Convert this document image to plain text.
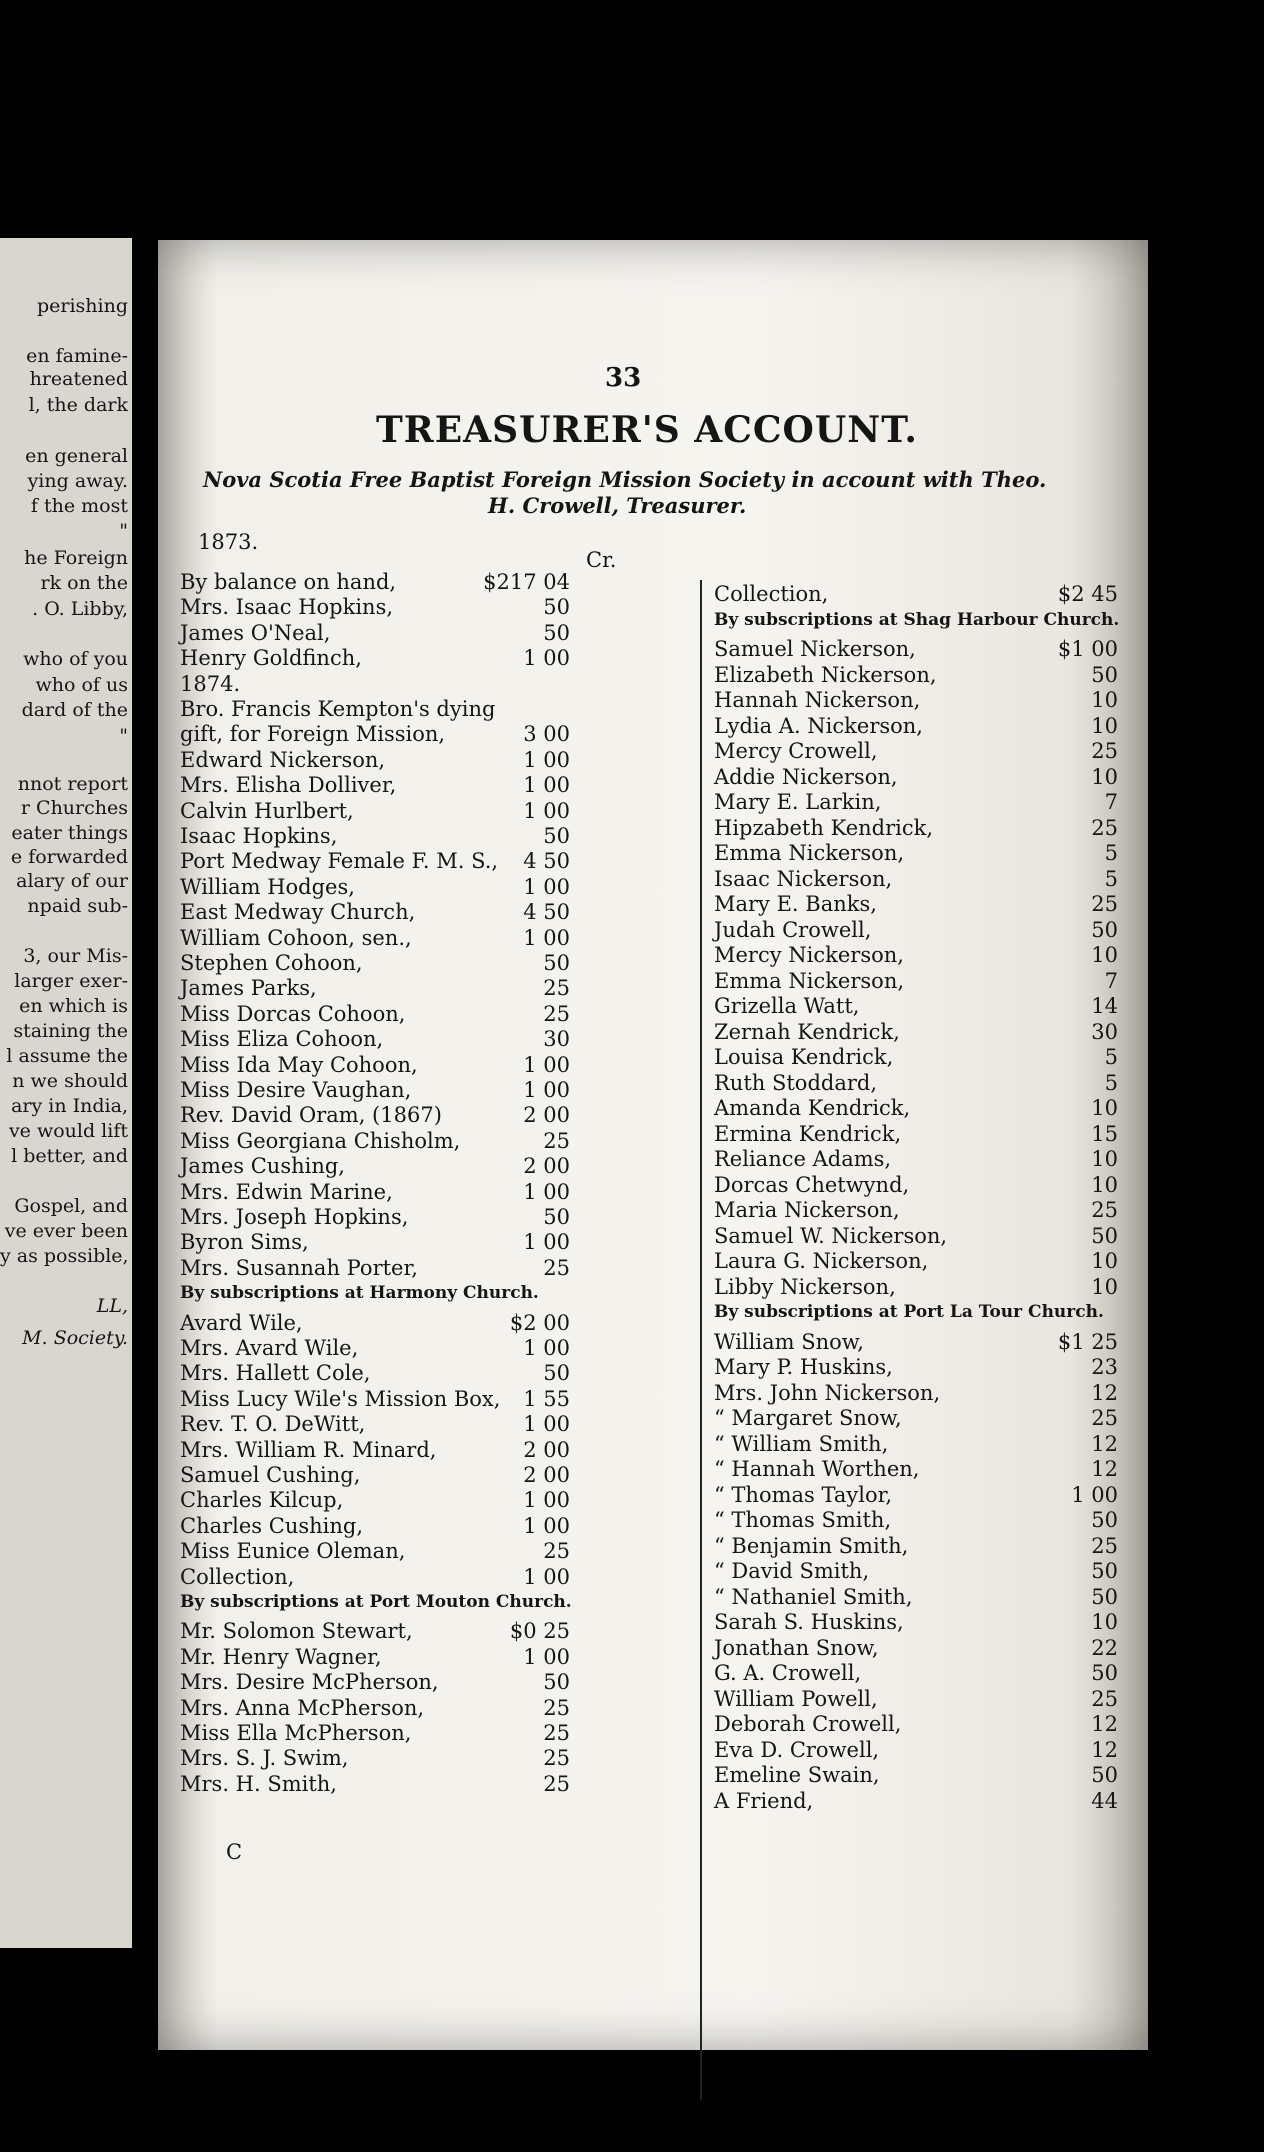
perishing
en famine-
hreatened
l, the dark
en general
ying away.
f the most
"
he Foreign
rk on the
. O. Libby,
who of you
who of us
dard of the
"
nnot report
r Churches
eater things
e forwarded
alary of our
npaid sub-
3, our Mis-
larger exer-
en which is
staining the
l assume the
n we should
ary in India,
ve would lift
l better, and
Gospel, and
ve ever been
y as possible,
LL,
M. Society.
33
TREASURER'S ACCOUNT.
Nova Scotia Free Baptist Foreign Mission Society in account with Theo.
H. Crowell, Treasurer.
1873.
Cr.
By balance on hand,	$217 04
Mrs. Isaac Hopkins,	50
James O'Neal,	50
Henry Goldfinch,	1 00
1874.
Bro. Francis Kempton's dying
gift, for Foreign Mission,	3 00
Edward Nickerson,	1 00
Mrs. Elisha Dolliver,	1 00
Calvin Hurlbert,	1 00
Isaac Hopkins,	50
Port Medway Female F. M. S., 4 50
William Hodges,	1 00
East Medway Church,	4 50
William Cohoon, sen.,	1 00
Stephen Cohoon,	50
James Parks,	25
Miss Dorcas Cohoon,	25
Miss Eliza Cohoon,	30
Miss Ida May Cohoon,	1 00
Miss Desire Vaughan,	1 00
Rev. David Oram, (1867)	2 00
Miss Georgiana Chisholm,	25
James Cushing,	2 00
Mrs. Edwin Marine,	1 00
Mrs. Joseph Hopkins,	50
Byron Sims,	1 00
Mrs. Susannah Porter,	25
By subscriptions at Harmony Church.
Avard Wile,	$2 00
Mrs. Avard Wile,	1 00
Mrs. Hallett Cole,	50
Miss Lucy Wile's Mission Box, 1 55
Rev. T. O. DeWitt,	1 00
Mrs. William R. Minard,	2 00
Samuel Cushing,	2 00
Charles Kilcup,	1 00
Charles Cushing,	1 00
Miss Eunice Oleman,	25
Collection,	1 00
By subscriptions at Port Mouton Church.
Mr. Solomon Stewart,	$0 25
Mr. Henry Wagner,	1 00
Mrs. Desire McPherson,	50
Mrs. Anna McPherson,	25
Miss Ella McPherson,	25
Mrs. S. J. Swim,	25
Mrs. H. Smith,	25
Collection,	$2 45
By subscriptions at Shag Harbour Church.
Samuel Nickerson,	$1 00
Elizabeth Nickerson,	50
Hannah Nickerson,	10
Lydia A. Nickerson,	10
Mercy Crowell,	25
Addie Nickerson,	10
Mary E. Larkin,	7
Hipzabeth Kendrick,	25
Emma Nickerson,	5
Isaac Nickerson,	5
Mary E. Banks,	25
Judah Crowell,	50
Mercy Nickerson,	10
Emma Nickerson,	7
Grizella Watt,	14
Zernah Kendrick,	30
Louisa Kendrick,	5
Ruth Stoddard,	5
Amanda Kendrick,	10
Ermina Kendrick,	15
Reliance Adams,	10
Dorcas Chetwynd,	10
Maria Nickerson,	25
Samuel W. Nickerson,	50
Laura G. Nickerson,	10
Libby Nickerson,	10
By subscriptions at Port La Tour Church.
William Snow,	$1 25
Mary P. Huskins,	23
Mrs. John Nickerson,	12
“ Margaret Snow,	25
“ William Smith,	12
“ Hannah Worthen,	12
“ Thomas Taylor,	1 00
“ Thomas Smith,	50
“ Benjamin Smith,	25
“ David Smith,	50
“ Nathaniel Smith,	50
Sarah S. Huskins,	10
Jonathan Snow,	22
G. A. Crowell,	50
William Powell,	25
Deborah Crowell,	12
Eva D. Crowell,	12
Emeline Swain,	50
A Friend,	44
C
